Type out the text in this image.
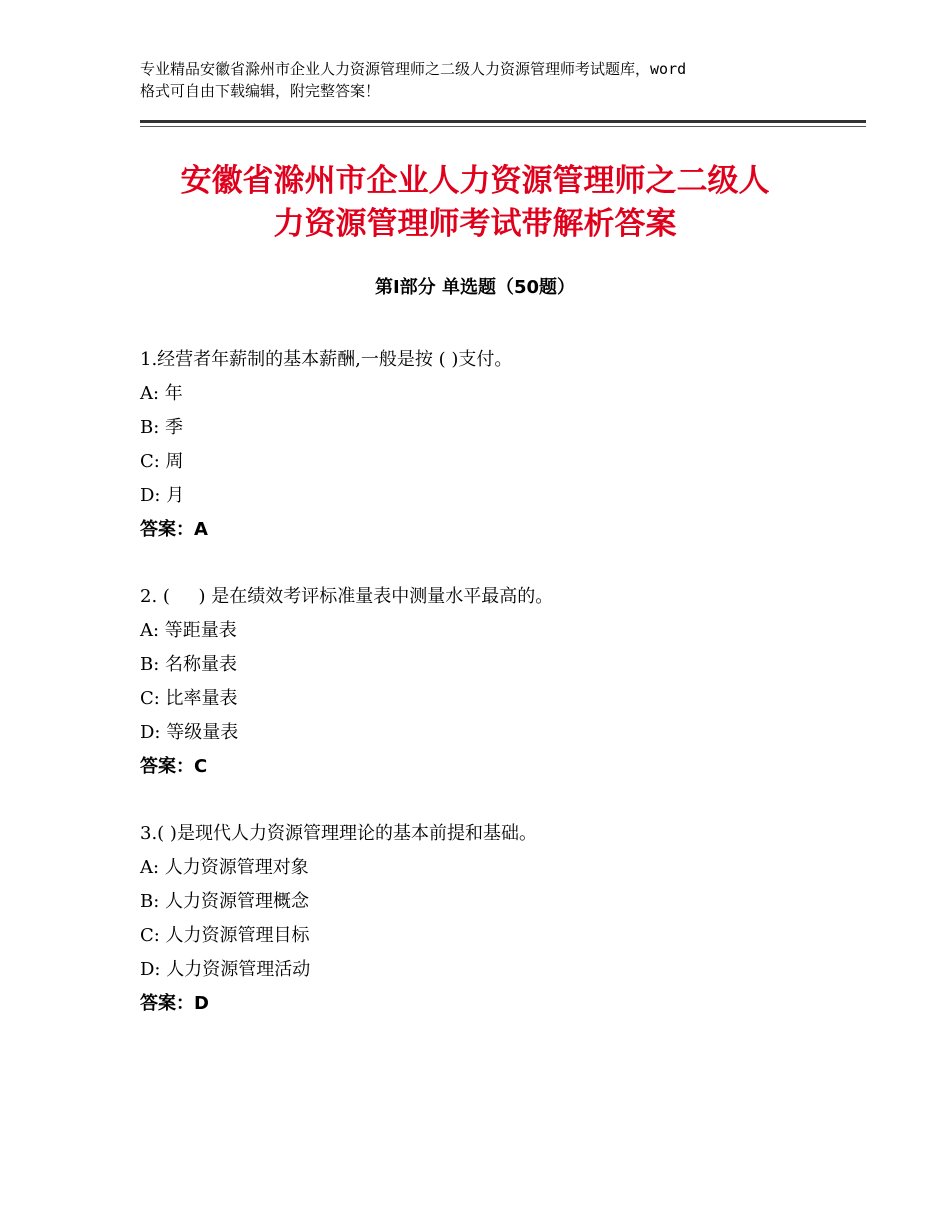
专业精品安徽省滁州市企业人力资源管理师之二级人力资源管理师考试题库，word
格式可自由下载编辑，附完整答案！
安徽省滁州市企业人力资源管理师之二级人
力资源管理师考试带解析答案
第Ⅰ部分 单选题（50题）
1.经营者年薪制的基本薪酬,一般是按 ( )支付。
A: 年
B: 季
C: 周
D: 月
答案：A
2. (     ) 是在绩效考评标准量表中测量水平最高的。
A: 等距量表
B: 名称量表
C: 比率量表
D: 等级量表
答案：C
3.( )是现代人力资源管理理论的基本前提和基础。
A: 人力资源管理对象
B: 人力资源管理概念
C: 人力资源管理目标
D: 人力资源管理活动
答案：D
